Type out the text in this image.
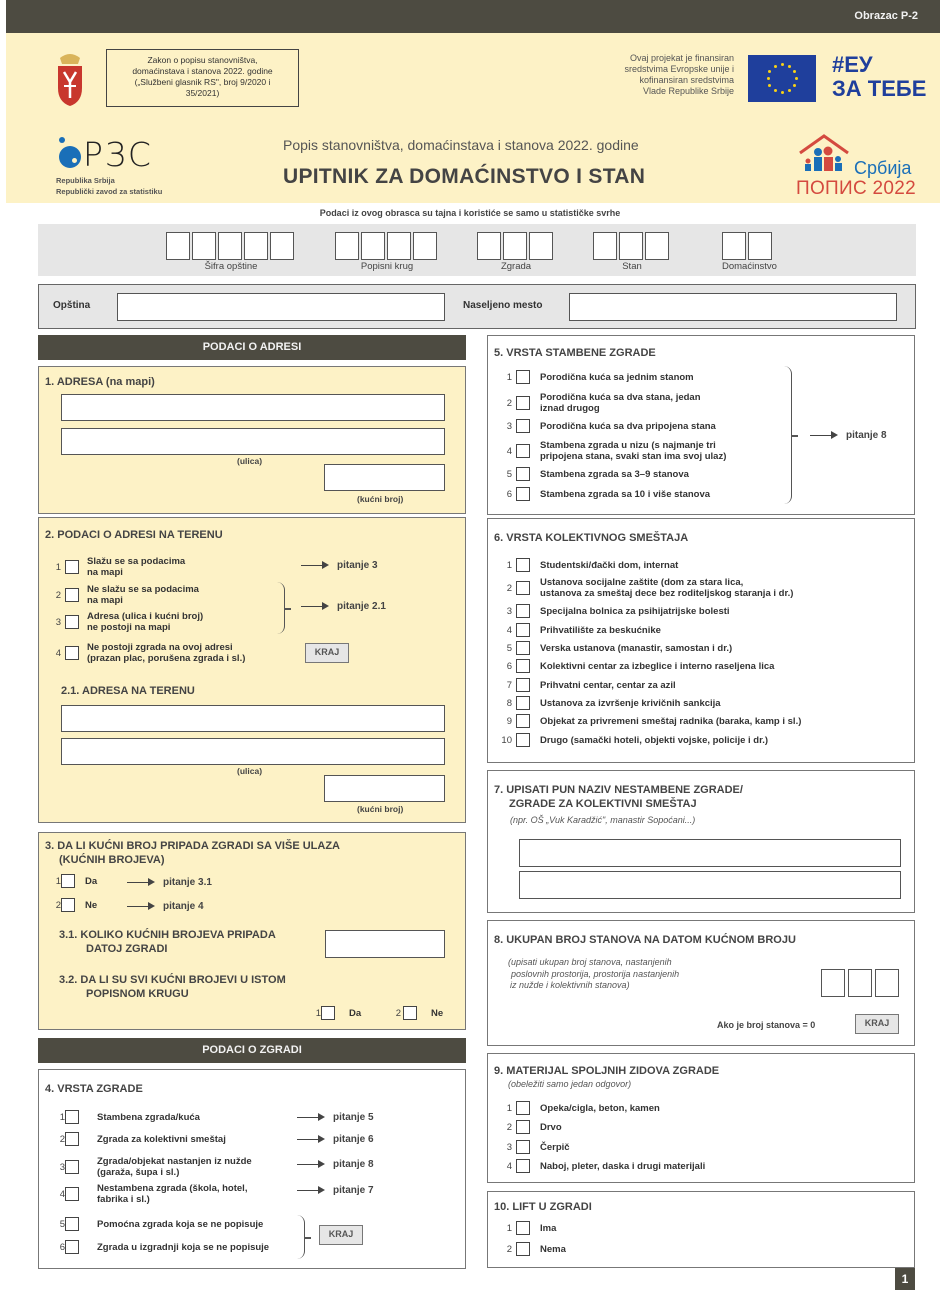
Obrazac P-2
Zakon o popisu stanovništva,
domaćinstava i stanova 2022. godine
(„Službeni glasnik RS", broj 9/2020 i
35/2021)
РЗС
Republika Srbija
Republički zavod za statistiku
Popis stanovništva, domaćinstava i stanova 2022. godine
UPITNIK ZA DOMAĆINSTVO I STAN
Ovaj projekat je finansiran
sredstvima Evropske unije i
kofinansiran sredstvima
Vlade Republike Srbije
#ЕУ
ЗА ТЕБЕ
Србија
ПОПИС 2022
Podaci iz ovog obrasca su tajna i koristiće se samo u statističke svrhe
Šifra opštine	Popisni krug	Zgrada	Stan	Domaćinstvo
Opština	Naseljeno mesto
PODACI O ADRESI
1. ADRESA (na mapi)
(ulica)
(kućni broj)
2. PODACI O ADRESI NA TERENU
1	Slažu se sa podacima
na mapi
2	Ne slažu se sa podacima
na mapi
3	Adresa (ulica i kućni broj)
ne postoji na mapi
4	Ne postoji zgrada na ovoj adresi
(prazan plac, porušena zgrada i sl.)
pitanje 3
pitanje 2.1
KRAJ
2.1. ADRESA NA TERENU
(ulica)
(kućni broj)
3. DA LI KUĆNI BROJ PRIPADA ZGRADI SA VIŠE ULAZA
(KUĆNIH BROJEVA)
1	Da	pitanje 3.1
2	Ne	pitanje 4
3.1. KOLIKO KUĆNIH BROJEVA PRIPADA
DATOJ ZGRADI
3.2. DA LI SU SVI KUĆNI BROJEVI U ISTOM
POPISNOM KRUGU
1	Da	2	Ne
PODACI O ZGRADI
4. VRSTA ZGRADE
1	Stambena zgrada/kuća
2	Zgrada za kolektivni smeštaj
3	Zgrada/objekat nastanjen iz nužde
(garaža, šupa i sl.)
4	Nestambena zgrada (škola, hotel,
fabrika i sl.)
5	Pomoćna zgrada koja se ne popisuje
6	Zgrada u izgradnji koja se ne popisuje
pitanje 5
pitanje 6
pitanje 8
pitanje 7
KRAJ
5. VRSTA STAMBENE ZGRADE
1	Porodična kuća sa jednim stanom
2	Porodična kuća sa dva stana, jedan
iznad drugog
3	Porodična kuća sa dva pripojena stana
4	Stambena zgrada u nizu (s najmanje tri
pripojena stana, svaki stan ima svoj ulaz)
5	Stambena zgrada sa 3–9 stanova
6	Stambena zgrada sa 10 i više stanova
pitanje 8
6. VRSTA KOLEKTIVNOG SMEŠTAJA
1	Studentski/đački dom, internat
2	Ustanova socijalne zaštite (dom za stara lica,
ustanova za smeštaj dece bez roditeljskog staranja i dr.)
3	Specijalna bolnica za psihijatrijske bolesti
4	Prihvatilište za beskućnike
5	Verska ustanova (manastir, samostan i dr.)
6	Kolektivni centar za izbeglice i interno raseljena lica
7	Prihvatni centar, centar za azil
8	Ustanova za izvršenje krivičnih sankcija
9	Objekat za privremeni smeštaj radnika (baraka, kamp i sl.)
10	Drugo (samački hoteli, objekti vojske, policije i dr.)
7. UPISATI PUN NAZIV NESTAMBENE ZGRADE/
ZGRADE ZA KOLEKTIVNI SMEŠTAJ
(npr. OŠ „Vuk Karadžić", manastir Sopoćani...)
8. UKUPAN BROJ STANOVA NA DATOM KUĆNOM BROJU
(upisati ukupan broj stanova, nastanjenih
poslovnih prostorija, prostorija nastanjenih
iz nužde i kolektivnih stanova)
Ako je broj stanova = 0	KRAJ
9. MATERIJAL SPOLJNIH ZIDOVA ZGRADE
(obeležiti samo jedan odgovor)
1	Opeka/cigla, beton, kamen
2	Drvo
3	Čerpič
4	Naboj, pleter, daska i drugi materijali
10. LIFT U ZGRADI
1	Ima
2	Nema
1
